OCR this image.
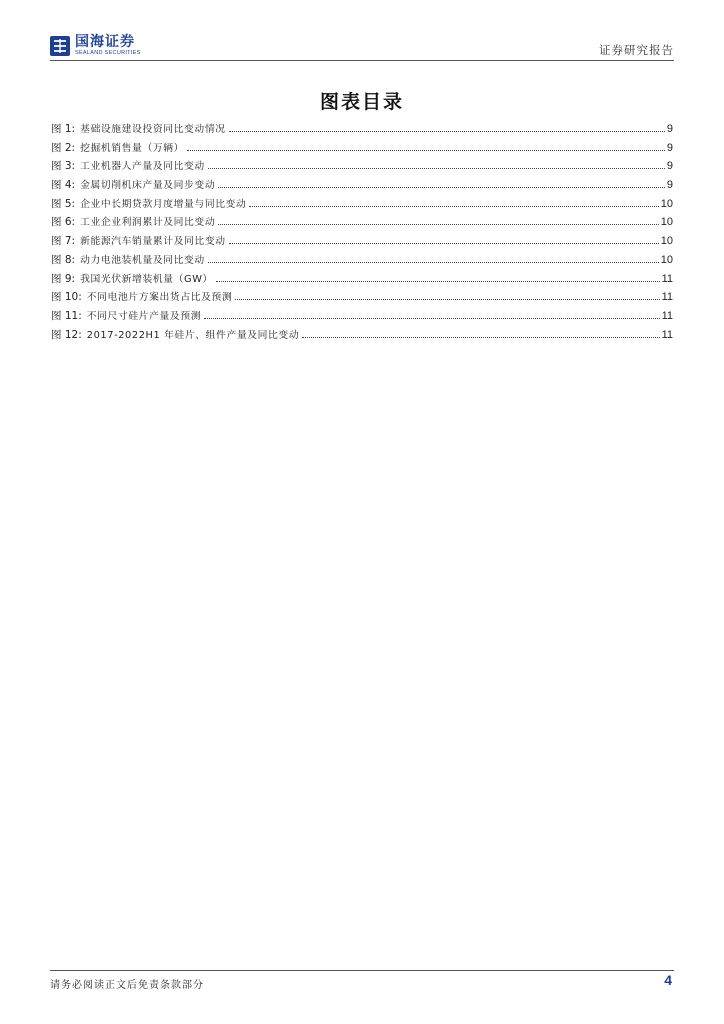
国海证券
SEALAND SECURITIES	证券研究报告
图表目录
图 1: 基础设施建设投资同比变动情况	9
图 2: 挖掘机销售量（万辆）	9
图 3: 工业机器人产量及同比变动	9
图 4: 金属切削机床产量及同步变动	9
图 5: 企业中长期贷款月度增量与同比变动	10
图 6: 工业企业利润累计及同比变动	10
图 7: 新能源汽车销量累计及同比变动	10
图 8: 动力电池装机量及同比变动	10
图 9: 我国光伏新增装机量（GW）	11
图 10: 不同电池片方案出货占比及预测	11
图 11: 不同尺寸硅片产量及预测	11
图 12: 2017-2022H1 年硅片、组件产量及同比变动	11
请务必阅读正文后免责条款部分	4
